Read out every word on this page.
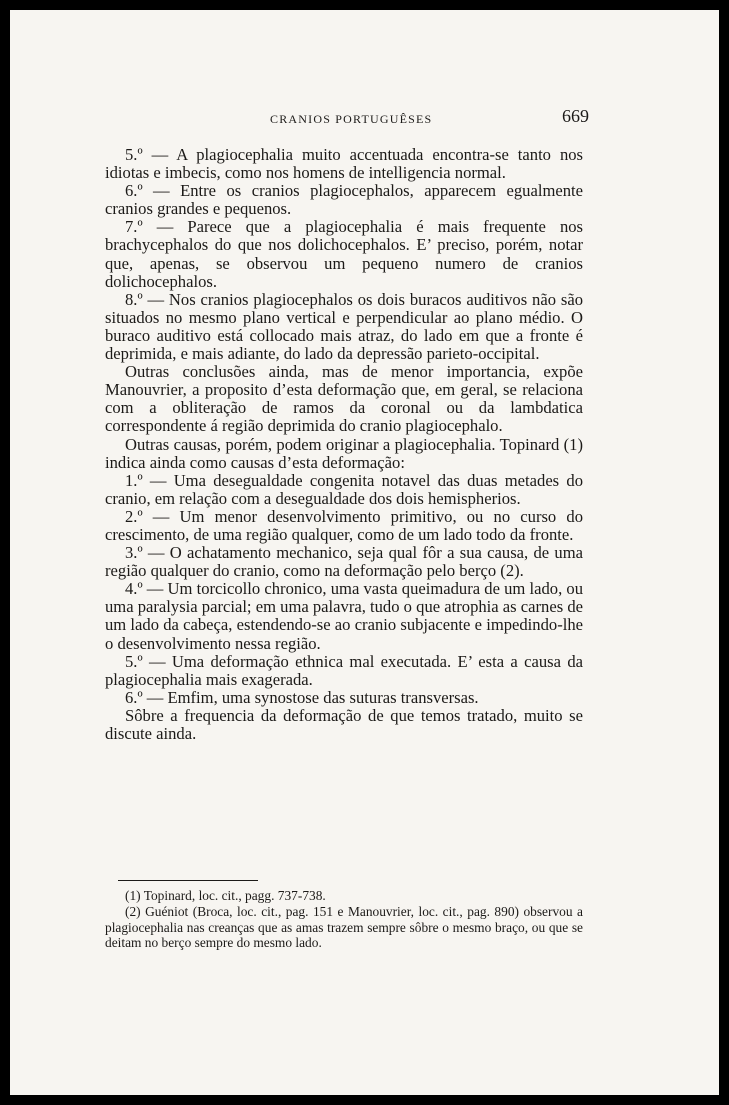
CRANIOS PORTUGUÊSES	669

5.º — A plagiocephalia muito accentuada encontra-se tanto nos idiotas e imbecis, como nos homens de intelligencia normal.

6.º — Entre os cranios plagiocephalos, apparecem egualmente cranios grandes e pequenos.

7.º — Parece que a plagiocephalia é mais frequente nos brachycephalos do que nos dolichocephalos. E’ preciso, porém, notar que, apenas, se observou um pequeno numero de cranios dolichocephalos.

8.º — Nos cranios plagiocephalos os dois buracos auditivos não são situados no mesmo plano vertical e perpendicular ao plano médio. O buraco auditivo está collocado mais atraz, do lado em que a fronte é deprimida, e mais adiante, do lado da depressão parieto-occipital.

Outras conclusões ainda, mas de menor importancia, expõe Manouvrier, a proposito d’esta deformação que, em geral, se relaciona com a obliteração de ramos da coronal ou da lambdatica correspondente á região deprimida do cranio plagiocephalo.

Outras causas, porém, podem originar a plagiocephalia. Topinard (1) indica ainda como causas d’esta deformação:

1.º — Uma desegualdade congenita notavel das duas metades do cranio, em relação com a desegualdade dos dois hemispherios.

2.º — Um menor desenvolvimento primitivo, ou no curso do crescimento, de uma região qualquer, como de um lado todo da fronte.

3.º — O achatamento mechanico, seja qual fôr a sua causa, de uma região qualquer do cranio, como na deformação pelo berço (2).

4.º — Um torcicollo chronico, uma vasta queimadura de um lado, ou uma paralysia parcial; em uma palavra, tudo o que atrophia as carnes de um lado da cabeça, estendendo-se ao cranio subjacente e impedindo-lhe o desenvolvimento nessa região.

5.º — Uma deformação ethnica mal executada. E’ esta a causa da plagiocephalia mais exagerada.

6.º — Emfim, uma synostose das suturas transversas.

Sôbre a frequencia da deformação de que temos tratado, muito se discute ainda.

(1) Topinard, loc. cit., pagg. 737-738.

(2) Guéniot (Broca, loc. cit., pag. 151 e Manouvrier, loc. cit., pag. 890) observou a plagiocephalia nas creanças que as amas trazem sempre sôbre o mesmo braço, ou que se deitam no berço sempre do mesmo lado.
